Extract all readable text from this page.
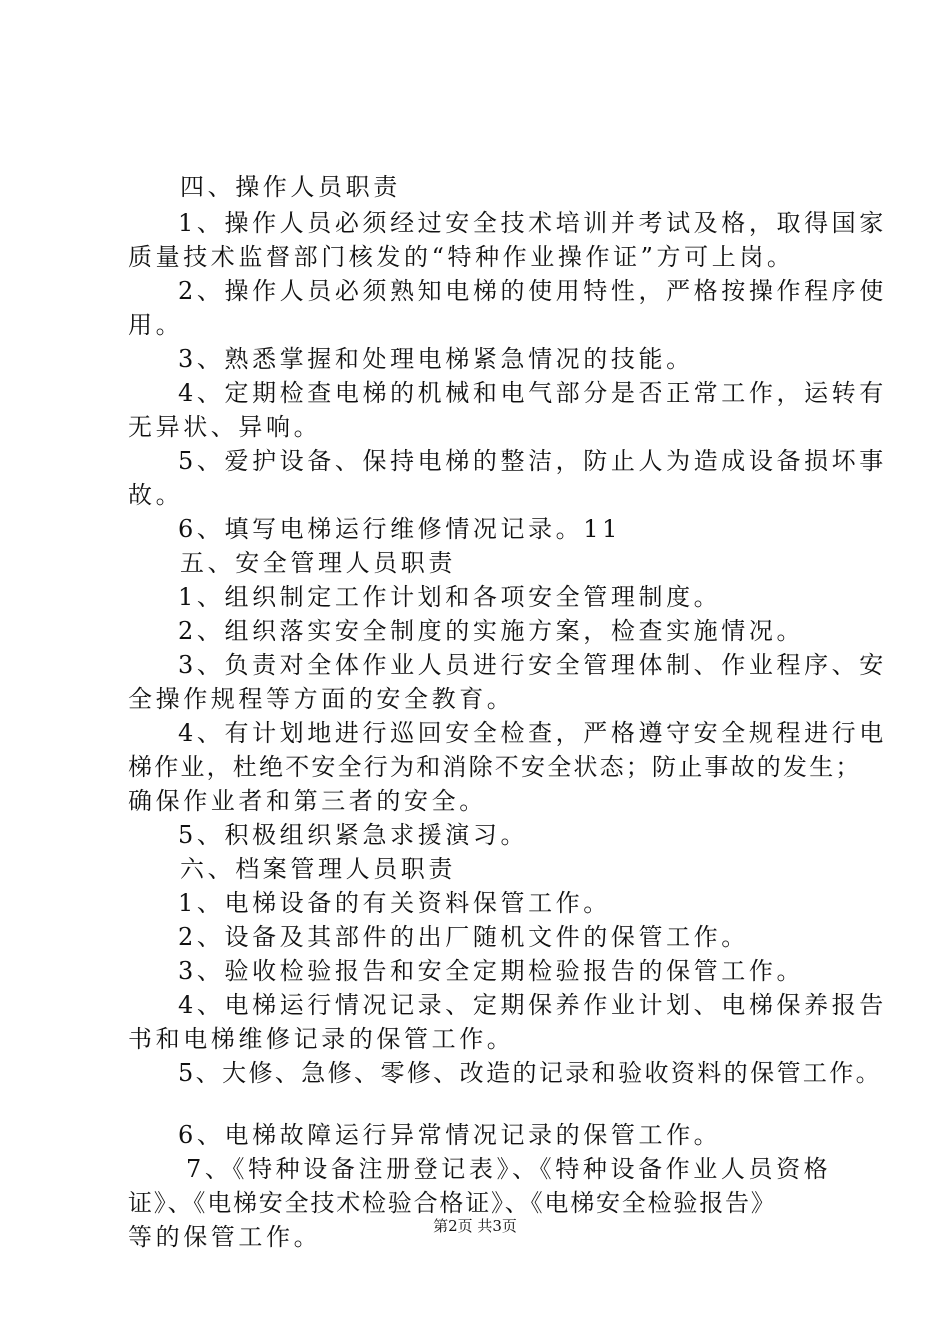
四、操作人员职责
1、操作人员必须经过安全技术培训并考试及格，取得国家
质量技术监督部门核发的“特种作业操作证”方可上岗。
2、操作人员必须熟知电梯的使用特性，严格按操作程序使
用。
3、熟悉掌握和处理电梯紧急情况的技能。
4、定期检查电梯的机械和电气部分是否正常工作，运转有
无异状、异响。
5、爱护设备、保持电梯的整洁，防止人为造成设备损坏事
故。
6、填写电梯运行维修情况记录。11
五、安全管理人员职责
1、组织制定工作计划和各项安全管理制度。
2、组织落实安全制度的实施方案，检查实施情况。
3、负责对全体作业人员进行安全管理体制、作业程序、安
全操作规程等方面的安全教育。
4、有计划地进行巡回安全检查，严格遵守安全规程进行电
梯作业，杜绝不安全行为和消除不安全状态；防止事故的发生；
确保作业者和第三者的安全。
5、积极组织紧急求援演习。
六、档案管理人员职责
1、电梯设备的有关资料保管工作。
2、设备及其部件的出厂随机文件的保管工作。
3、验收检验报告和安全定期检验报告的保管工作。
4、电梯运行情况记录、定期保养作业计划、电梯保养报告
书和电梯维修记录的保管工作。
5、大修、急修、零修、改造的记录和验收资料的保管工作。
6、电梯故障运行异常情况记录的保管工作。
7、《特种设备注册登记表》、《特种设备作业人员资格
证》、《电梯安全技术检验合格证》、《电梯安全检验报告》
等的保管工作。	第2页 共3页
